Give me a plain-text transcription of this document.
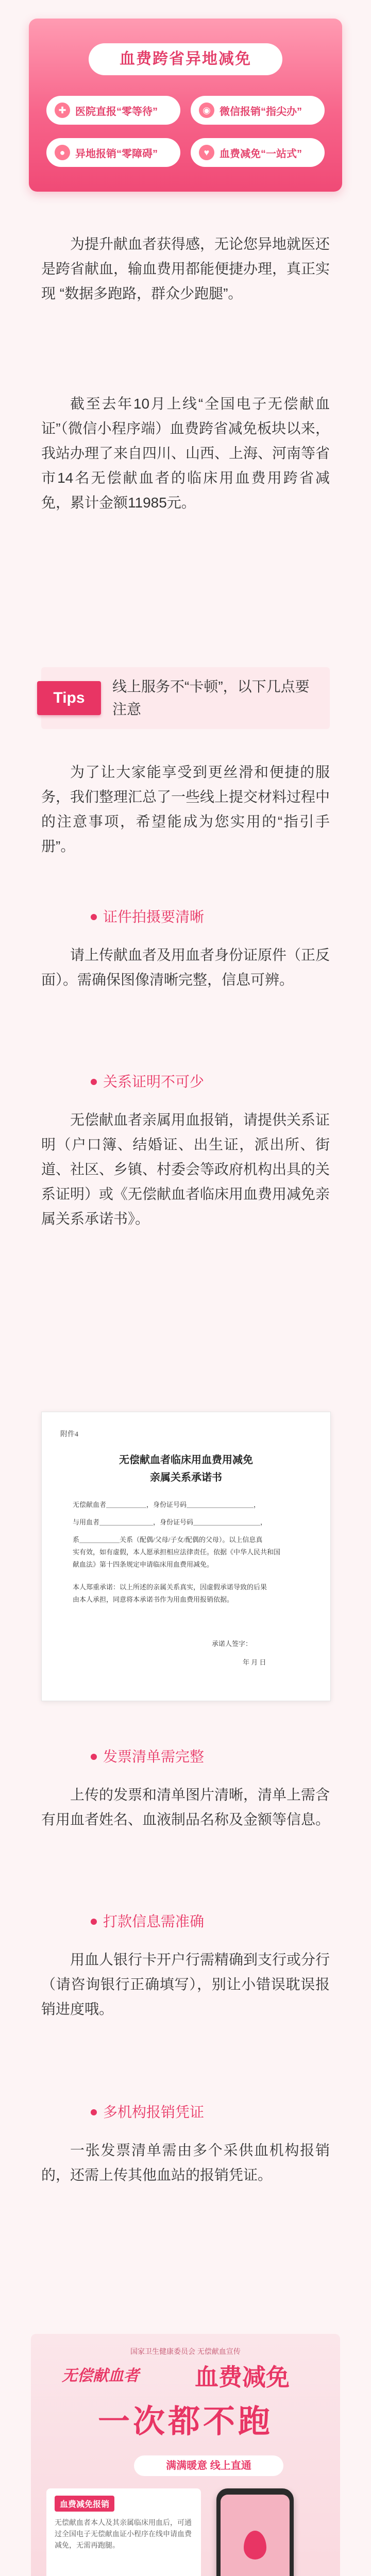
血费跨省异地减免
✚ 医院直报“零等待”	◉ 微信报销“指尖办”
● 异地报销“零障碍”	♥ 血费减免“一站式”

为提升献血者获得感，无论您异地就医还是跨省献血，输血费用都能便捷办理，真正实现 “数据多跑路，群众少跑腿”。

截至去年10月上线“全国电子无偿献血证”（微信小程序端）血费跨省减免板块以来，我站办理了来自四川、山西、上海、河南等省市14名无偿献血者的临床用血费用跨省减免，累计金额11985元。

Tips
线上服务不“卡顿”，以下几点要注意

为了让大家能享受到更丝滑和便捷的服务，我们整理汇总了一些线上提交材料过程中的注意事项，希望能成为您实用的“指引手册”。

证件拍摄要清晰

请上传献血者及用血者身份证原件（正反面）。需确保图像清晰完整，信息可辨。

关系证明不可少

无偿献血者亲属用血报销，请提供关系证明（户口簿、结婚证、出生证，派出所、街道、社区、乡镇、村委会等政府机构出具的关系证明）或《无偿献血者临床用血费用减免亲属关系承诺书》。

附件4
无偿献血者临床用血费用减免
亲属关系承诺书
无偿献血者＿＿＿＿＿＿，身份证号码＿＿＿＿＿＿＿＿＿＿，
与用血者＿＿＿＿＿＿＿＿，身份证号码＿＿＿＿＿＿＿＿＿＿，
系＿＿＿＿＿＿关系（配偶/父母/子女/配偶的父母）。以上信息真
实有效，如有虚假，本人愿承担相应法律责任。依据《中华人民共和国
献血法》第十四条规定申请临床用血费用减免。
本人郑重承诺：以上所述的亲属关系真实，因虚假承诺导致的后果
由本人承担，同意将本承诺书作为用血费用报销依据。
承诺人签字：
年 月 日
发票清单需完整

上传的发票和清单图片清晰，清单上需含有用血者姓名、血液制品名称及金额等信息。

打款信息需准确

用血人银行卡开户行需精确到支行或分行（请咨询银行正确填写），别让小错误耽误报销进度哦。

多机构报销凭证

一张发票清单需由多个采供血机构报销的，还需上传其他血站的报销凭证。

国家卫生健康委员会 无偿献血宣传
无偿献血者 血费减免
一次都不跑
满满暖意 线上直通
血费减免报销
无偿献血者本人及其亲属临床用血后，可通过全国电子无偿献血证小程序在线申请血费减免，无需再跑腿。
